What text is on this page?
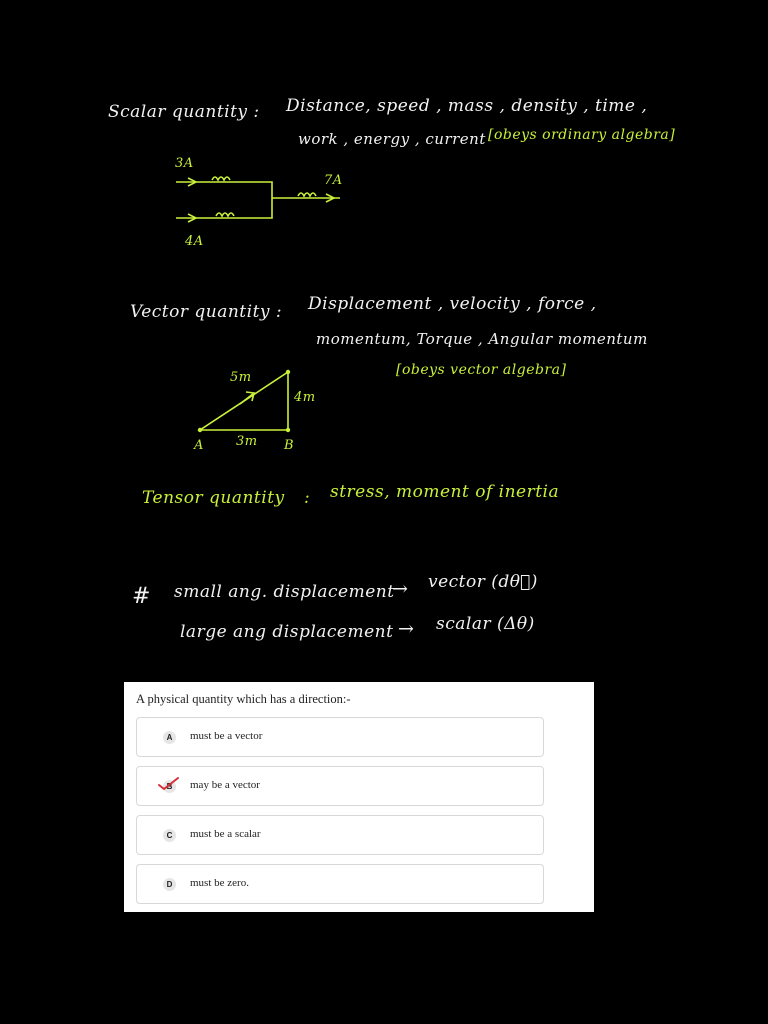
Scalar quantity : Distance, speed , mass , density , time ,
work , energy , current [obeys ordinary algebra]
3A
4A
7A
Vector quantity : Displacement , velocity , force ,
momentum, Torque , Angular momentum
[obeys vector algebra]
5m
4m
3m
A	B
Tensor quantity : stress, moment of inertia
# small ang. displacement
→ vector (dθ⃗)
large ang displacement → scalar (Δθ)
A physical quantity which has a direction:-
A	must be a vector
B	may be a vector
C	must be a scalar
D	must be zero.
